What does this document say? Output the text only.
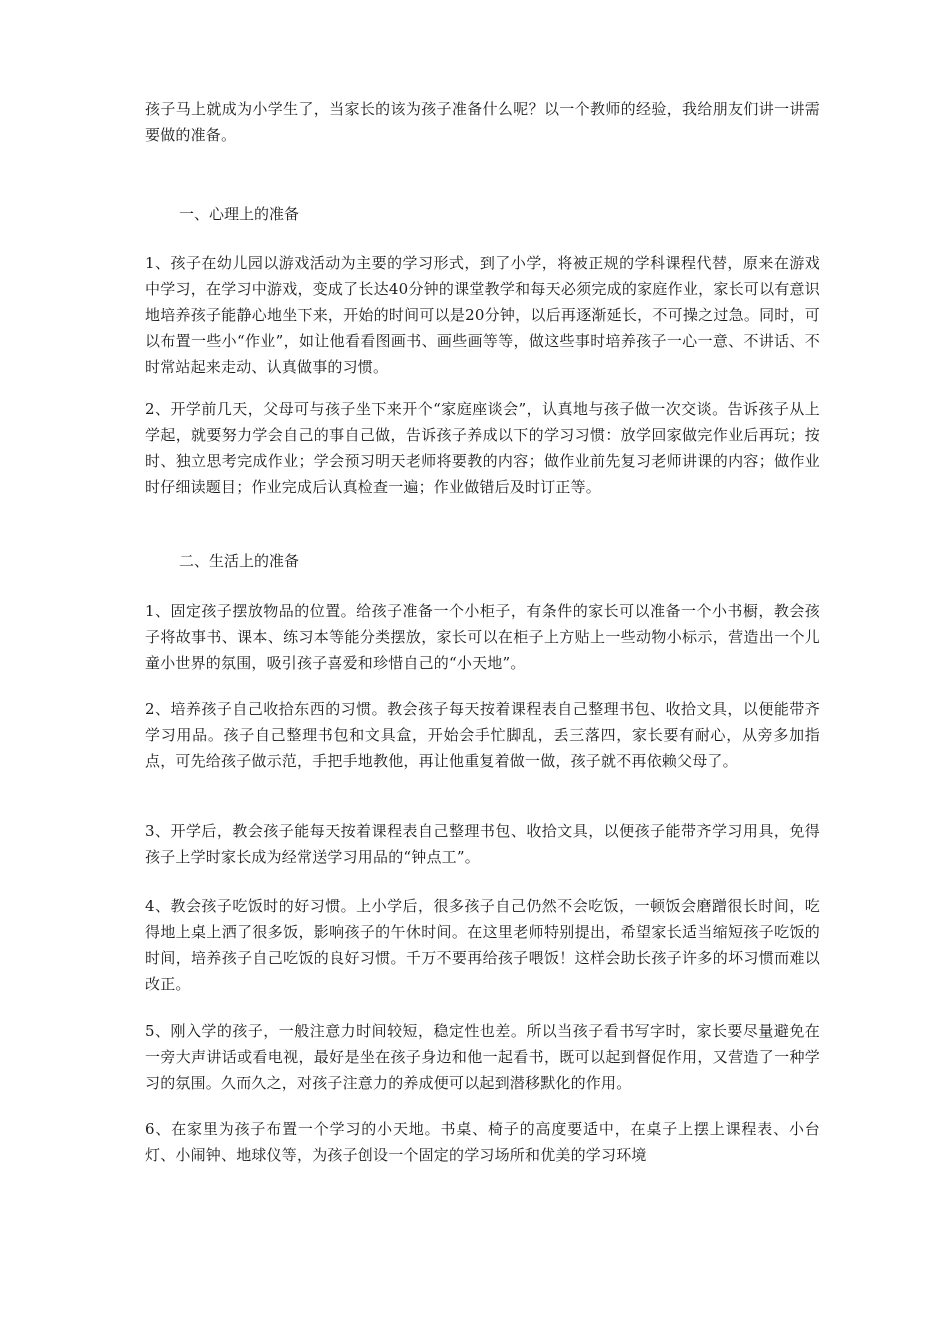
孩子马上就成为小学生了，当家长的该为孩子准备什么呢？以一个教师的经验，我给朋友们讲一讲需要做的准备。

一、心理上的准备

1、孩子在幼儿园以游戏活动为主要的学习形式，到了小学，将被正规的学科课程代替，原来在游戏中学习，在学习中游戏，变成了长达40分钟的课堂教学和每天必须完成的家庭作业，家长可以有意识地培养孩子能静心地坐下来，开始的时间可以是20分钟，以后再逐渐延长，不可操之过急。同时，可以布置一些小“作业”，如让他看看图画书、画些画等等，做这些事时培养孩子一心一意、不讲话、不时常站起来走动、认真做事的习惯。

2、开学前几天，父母可与孩子坐下来开个“家庭座谈会”，认真地与孩子做一次交谈。告诉孩子从上学起，就要努力学会自己的事自己做，告诉孩子养成以下的学习习惯：放学回家做完作业后再玩；按时、独立思考完成作业；学会预习明天老师将要教的内容；做作业前先复习老师讲课的内容；做作业时仔细读题目；作业完成后认真检查一遍；作业做错后及时订正等。

二、生活上的准备

1、固定孩子摆放物品的位置。给孩子准备一个小柜子，有条件的家长可以准备一个小书橱，教会孩子将故事书、课本、练习本等能分类摆放，家长可以在柜子上方贴上一些动物小标示，营造出一个儿童小世界的氛围，吸引孩子喜爱和珍惜自己的“小天地”。

2、培养孩子自己收拾东西的习惯。教会孩子每天按着课程表自己整理书包、收拾文具，以便能带齐学习用品。孩子自己整理书包和文具盒，开始会手忙脚乱，丢三落四，家长要有耐心，从旁多加指点，可先给孩子做示范，手把手地教他，再让他重复着做一做，孩子就不再依赖父母了。

3、开学后，教会孩子能每天按着课程表自己整理书包、收拾文具，以便孩子能带齐学习用具，免得孩子上学时家长成为经常送学习用品的“钟点工”。

4、教会孩子吃饭时的好习惯。上小学后，很多孩子自己仍然不会吃饭，一顿饭会磨蹭很长时间，吃得地上桌上洒了很多饭，影响孩子的午休时间。在这里老师特别提出，希望家长适当缩短孩子吃饭的时间，培养孩子自己吃饭的良好习惯。千万不要再给孩子喂饭！这样会助长孩子许多的坏习惯而难以改正。

5、刚入学的孩子，一般注意力时间较短，稳定性也差。所以当孩子看书写字时，家长要尽量避免在一旁大声讲话或看电视，最好是坐在孩子身边和他一起看书，既可以起到督促作用，又营造了一种学习的氛围。久而久之，对孩子注意力的养成便可以起到潜移默化的作用。

6、在家里为孩子布置一个学习的小天地。书桌、椅子的高度要适中，在桌子上摆上课程表、小台灯、小闹钟、地球仪等，为孩子创设一个固定的学习场所和优美的学习环境
